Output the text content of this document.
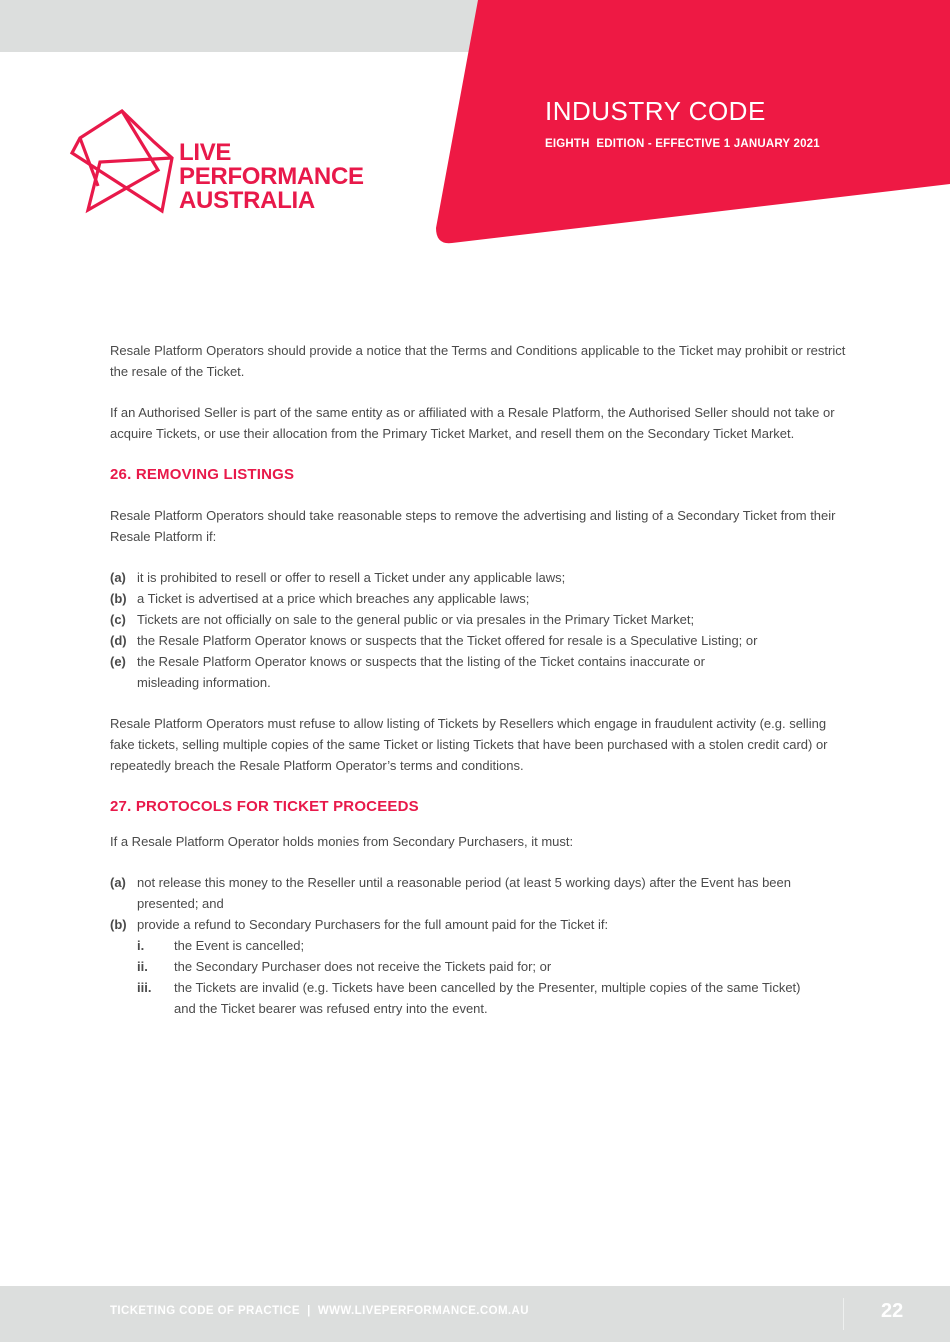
LIVE
PERFORMANCE
AUSTRALIA
INDUSTRY CODE
EIGHTH  EDITION - EFFECTIVE 1 JANUARY 2021

Resale Platform Operators should provide a notice that the Terms and Conditions applicable to the Ticket may prohibit or restrict the resale of the Ticket.

If an Authorised Seller is part of the same entity as or affiliated with a Resale Platform, the Authorised Seller should not take or acquire Tickets, or use their allocation from the Primary Ticket Market, and resell them on the Secondary Ticket Market.

26. REMOVING LISTINGS

Resale Platform Operators should take reasonable steps to remove the advertising and listing of a Secondary Ticket from their Resale Platform if:

(a) it is prohibited to resell or offer to resell a Ticket under any applicable laws;
(b) a Ticket is advertised at a price which breaches any applicable laws;
(c) Tickets are not officially on sale to the general public or via presales in the Primary Ticket Market;
(d) the Resale Platform Operator knows or suspects that the Ticket offered for resale is a Speculative Listing; or
(e) the Resale Platform Operator knows or suspects that the listing of the Ticket contains inaccurate or misleading information.

Resale Platform Operators must refuse to allow listing of Tickets by Resellers which engage in fraudulent activity (e.g. selling fake tickets, selling multiple copies of the same Ticket or listing Tickets that have been purchased with a stolen credit card) or repeatedly breach the Resale Platform Operator’s terms and conditions.

27. PROTOCOLS FOR TICKET PROCEEDS

If a Resale Platform Operator holds monies from Secondary Purchasers, it must:

(a) not release this money to the Reseller until a reasonable period (at least 5 working days) after the Event has been presented; and
(b) provide a refund to Secondary Purchasers for the full amount paid for the Ticket if:
i. the Event is cancelled;
ii. the Secondary Purchaser does not receive the Tickets paid for; or
iii. the Tickets are invalid (e.g. Tickets have been cancelled by the Presenter, multiple copies of the same Ticket) and the Ticket bearer was refused entry into the event.
TICKETING CODE OF PRACTICE  |  WWW.LIVEPERFORMANCE.COM.AU	22
